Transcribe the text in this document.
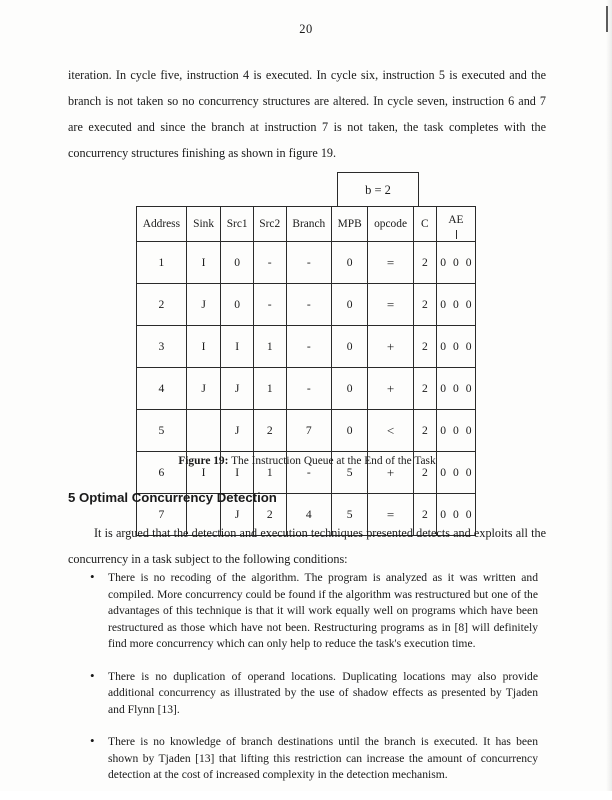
20
iteration. In cycle five, instruction 4 is executed. In cycle six, instruction 5 is executed and the branch is not taken so no concurrency structures are altered. In cycle seven, instruction 6 and 7 are executed and since the branch at instruction 7 is not taken, the task completes with the concurrency structures finishing as shown in figure 19.
b = 2
Address	Sink	Src1	Src2	Branch	MPB	opcode	C	AE

1	I	0	-	-	0	=	2	0 0 0

2	J	0	-	-	0	=	2	0 0 0

3	I	I	1	-	0	+	2	0 0 0

4	J	J	1	-	0	+	2	0 0 0

5		J	2	7	0	<	2	0 0 0

6	I	I	1	-	5	+	2	0 0 0

7		J	2	4	5	=	2	0 0 0
Figure 19: The Instruction Queue at the End of the Task
5 Optimal Concurrency Detection
It is argued that the detection and execution techniques presented detects and exploits all the concurrency in a task subject to the following conditions:
• There is no recoding of the algorithm. The program is analyzed as it was written and compiled. More concurrency could be found if the algorithm was restructured but one of the advantages of this technique is that it will work equally well on programs which have been restructured as those which have not been. Restructuring programs as in [8] will definitely find more concurrency which can only help to reduce the task's execution time.
• There is no duplication of operand locations. Duplicating locations may also provide additional concurrency as illustrated by the use of shadow effects as presented by Tjaden and Flynn [13].
• There is no knowledge of branch destinations until the branch is executed. It has been shown by Tjaden [13] that lifting this restriction can increase the amount of concurrency detection at the cost of increased complexity in the detection mechanism.
